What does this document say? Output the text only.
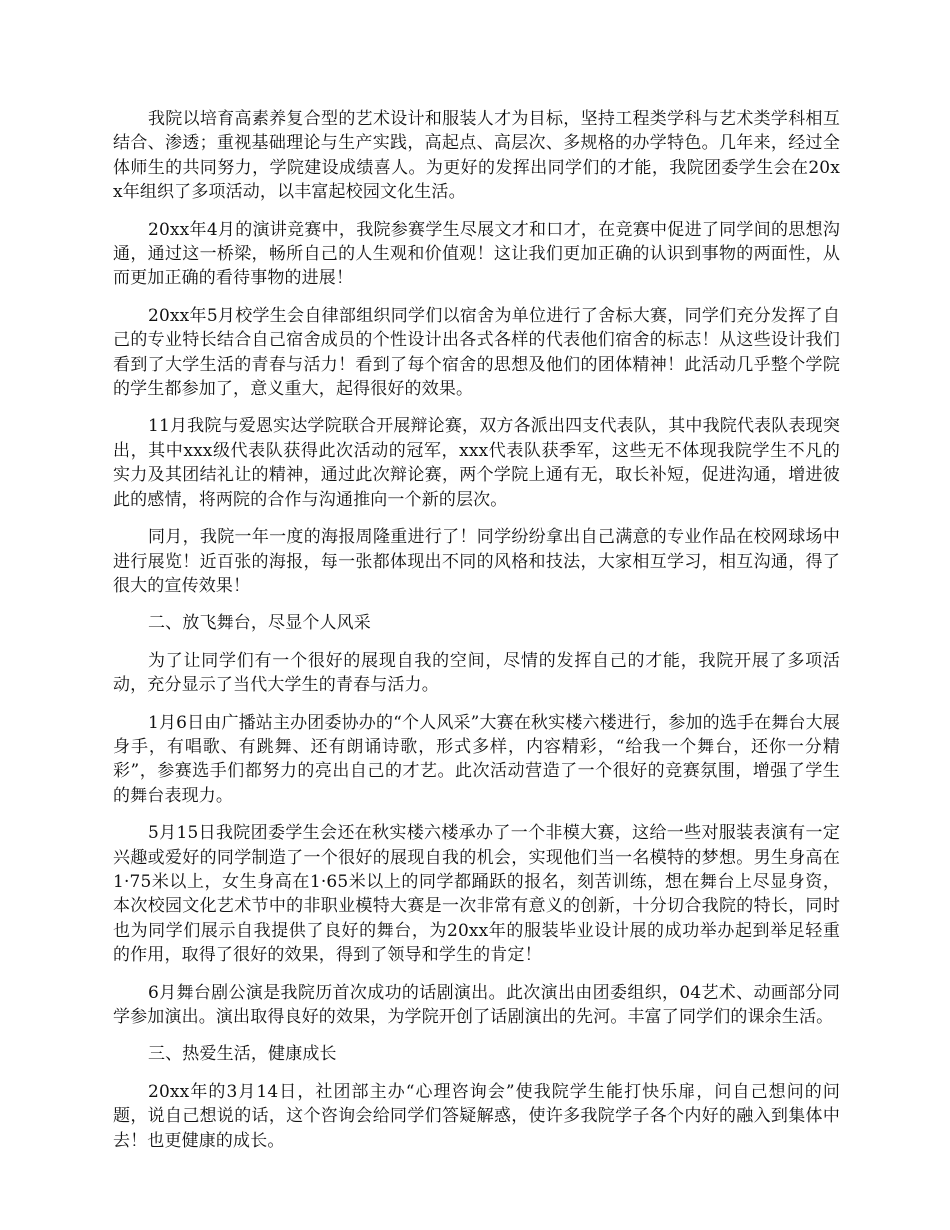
我院以培育高素养复合型的艺术设计和服装人才为目标，坚持工程类学科与艺术类学科相互结合、渗透；重视基础理论与生产实践，高起点、高层次、多规格的办学特色。几年来，经过全体师生的共同努力，学院建设成绩喜人。为更好的发挥出同学们的才能，我院团委学生会在20xx年组织了多项活动，以丰富起校园文化生活。

20xx年4月的演讲竞赛中，我院参赛学生尽展文才和口才，在竞赛中促进了同学间的思想沟通，通过这一桥梁，畅所自己的人生观和价值观！这让我们更加正确的认识到事物的两面性，从而更加正确的看待事物的进展！

20xx年5月校学生会自律部组织同学们以宿舍为单位进行了舍标大赛，同学们充分发挥了自己的专业特长结合自己宿舍成员的个性设计出各式各样的代表他们宿舍的标志！从这些设计我们看到了大学生活的青春与活力！看到了每个宿舍的思想及他们的团体精神！此活动几乎整个学院的学生都参加了，意义重大，起得很好的效果。

11月我院与爱恩实达学院联合开展辩论赛，双方各派出四支代表队，其中我院代表队表现突出，其中xxx级代表队获得此次活动的冠军，xxx代表队获季军，这些无不体现我院学生不凡的实力及其团结礼让的精神，通过此次辩论赛，两个学院上通有无，取长补短，促进沟通，增进彼此的感情，将两院的合作与沟通推向一个新的层次。

同月，我院一年一度的海报周隆重进行了！同学纷纷拿出自己满意的专业作品在校网球场中进行展览！近百张的海报，每一张都体现出不同的风格和技法，大家相互学习，相互沟通，得了很大的宣传效果！

二、放飞舞台，尽显个人风采

为了让同学们有一个很好的展现自我的空间，尽情的发挥自己的才能，我院开展了多项活动，充分显示了当代大学生的青春与活力。

1月6日由广播站主办团委协办的“个人风采”大赛在秋实楼六楼进行，参加的选手在舞台大展身手，有唱歌、有跳舞、还有朗诵诗歌，形式多样，内容精彩，“给我一个舞台，还你一分精彩”，参赛选手们都努力的亮出自己的才艺。此次活动营造了一个很好的竞赛氛围，增强了学生的舞台表现力。

5月15日我院团委学生会还在秋实楼六楼承办了一个非模大赛，这给一些对服装表演有一定兴趣或爱好的同学制造了一个很好的展现自我的机会，实现他们当一名模特的梦想。男生身高在1·75米以上，女生身高在1·65米以上的同学都踊跃的报名，刻苦训练，想在舞台上尽显身资，本次校园文化艺术节中的非职业模特大赛是一次非常有意义的创新，十分切合我院的特长，同时也为同学们展示自我提供了良好的舞台，为20xx年的服装毕业设计展的成功举办起到举足轻重的作用，取得了很好的效果，得到了领导和学生的肯定！

6月舞台剧公演是我院历首次成功的话剧演出。此次演出由团委组织，04艺术、动画部分同学参加演出。演出取得良好的效果，为学院开创了话剧演出的先河。丰富了同学们的课余生活。

三、热爱生活，健康成长

20xx年的3月14日，社团部主办“心理咨询会”使我院学生能打快乐扉，问自己想问的问题，说自己想说的话，这个咨询会给同学们答疑解惑，使许多我院学子各个内好的融入到集体中去！也更健康的成长。
